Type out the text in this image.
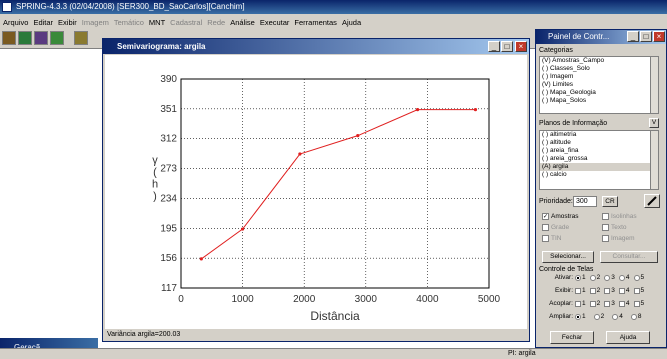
SPRING-4.3.3 (02/04/2008) [SER300_BD_SaoCarlos][Canchim]
Arquivo Editar Exibir Imagem Temático MNT Cadastral Rede Análise Executar Ferramentas Ajuda
Semivariograma: argila	_	□	×
0	1000	2000	3000	4000	5000
117
156
195
234
273
312
351
390
Distância
γ ( h )
Variância argila=200.03
PI: argila
Painel de Contr...	_	□	×
Categorias
(V) Amostras_Campo
( ) Classes_Solo
( ) Imagem
(V) Limites
( ) Mapa_Geologia
( ) Mapa_Solos
Planos de Informação	V
( ) altimetria
( ) altitude
( ) areia_fina
( ) areia_grossa
(A) argila
( ) calcio
Prioridade: 300	CR
✓ Amostras	Isolinhas
Grade	Texto
TIN	Imagem
Selecionar...	Consultar...
Controle de Telas
Ativar: 1 2 3 4 5
Exibir: 1 2 3 4 5
Acoplar: 1 2 3 4 5
Ampliar: 1 2 4 8
Fechar	Ajuda
